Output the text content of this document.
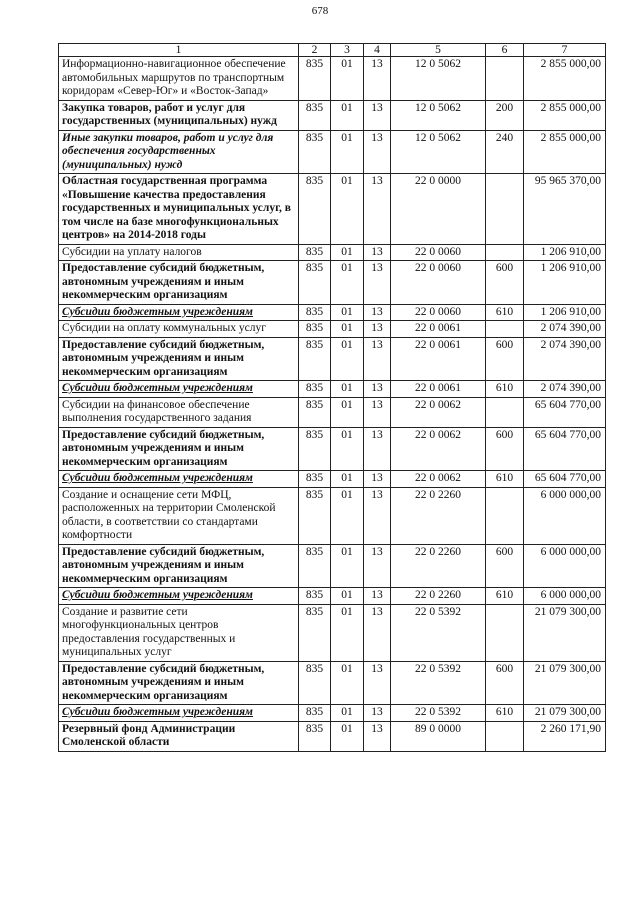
678
1	2	3	4	5	6	7
Информационно-навигационное обеспечение автомобильных маршрутов по транспортным коридорам «Север-Юг» и «Восток-Запад»	835	01	13	12 0 5062		2 855 000,00
Закупка товаров, работ и услуг для государственных (муниципальных) нужд	835	01	13	12 0 5062	200	2 855 000,00
Иные закупки товаров, работ и услуг для обеспечения государственных (муниципальных) нужд	835	01	13	12 0 5062	240	2 855 000,00
Областная государственная программа «Повышение качества предоставления государственных и муниципальных услуг, в том числе на базе многофункциональных центров» на 2014-2018 годы	835	01	13	22 0 0000		95 965 370,00
Субсидии на уплату налогов	835	01	13	22 0 0060		1 206 910,00
Предоставление субсидий бюджетным, автономным учреждениям и иным некоммерческим организациям	835	01	13	22 0 0060	600	1 206 910,00
Субсидии бюджетным учреждениям	835	01	13	22 0 0060	610	1 206 910,00
Субсидии на оплату коммунальных услуг	835	01	13	22 0 0061		2 074 390,00
Предоставление субсидий бюджетным, автономным учреждениям и иным некоммерческим организациям	835	01	13	22 0 0061	600	2 074 390,00
Субсидии бюджетным учреждениям	835	01	13	22 0 0061	610	2 074 390,00
Субсидии на финансовое обеспечение выполнения государственного задания	835	01	13	22 0 0062		65 604 770,00
Предоставление субсидий бюджетным, автономным учреждениям и иным некоммерческим организациям	835	01	13	22 0 0062	600	65 604 770,00
Субсидии бюджетным учреждениям	835	01	13	22 0 0062	610	65 604 770,00
Создание и оснащение сети МФЦ, расположенных на территории Смоленской области, в соответствии со стандартами комфортности	835	01	13	22 0 2260		6 000 000,00
Предоставление субсидий бюджетным, автономным учреждениям и иным некоммерческим организациям	835	01	13	22 0 2260	600	6 000 000,00
Субсидии бюджетным учреждениям	835	01	13	22 0 2260	610	6 000 000,00
Создание и развитие сети многофункциональных центров предоставления государственных и муниципальных услуг	835	01	13	22 0 5392		21 079 300,00
Предоставление субсидий бюджетным, автономным учреждениям и иным некоммерческим организациям	835	01	13	22 0 5392	600	21 079 300,00
Субсидии бюджетным учреждениям	835	01	13	22 0 5392	610	21 079 300,00
Резервный фонд Администрации Смоленской области	835	01	13	89 0 0000		2 260 171,90
